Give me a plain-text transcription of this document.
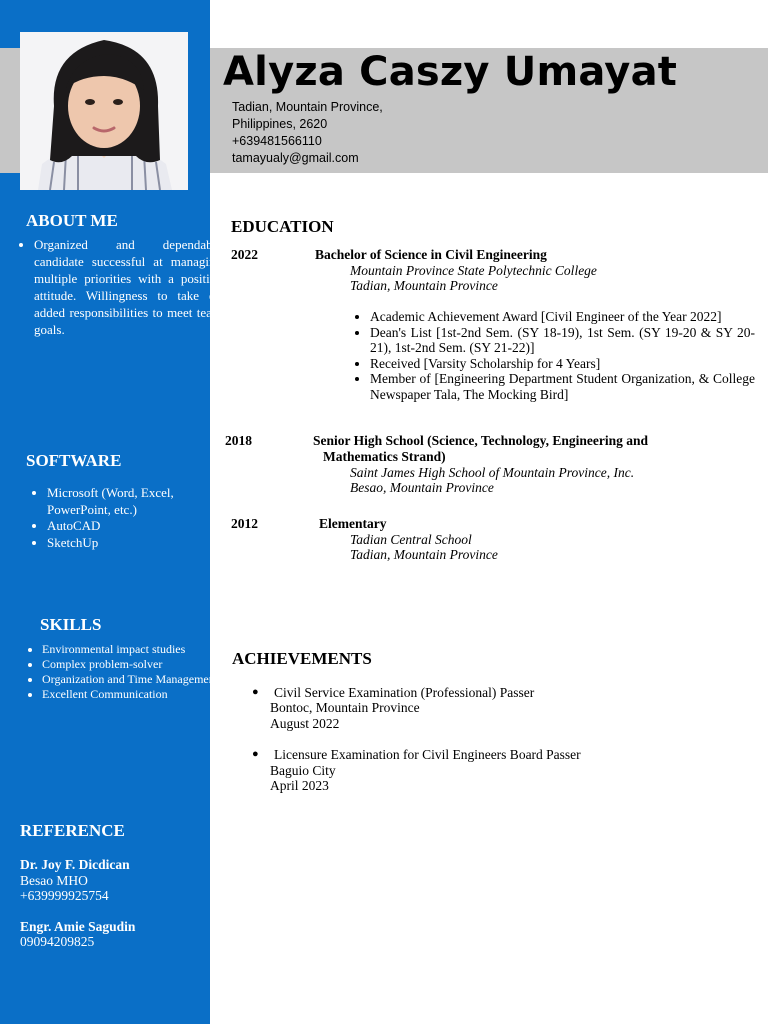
Alyza Caszy Umayat
Tadian, Mountain Province,
Philippines, 2620
+639481566110
tamayualy@gmail.com
ABOUT ME
• Organized and dependable candidate successful at managing multiple priorities with a positive attitude. Willingness to take on added responsibilities to meet team goals.
SOFTWARE
• Microsoft (Word, Excel, PowerPoint, etc.)
• AutoCAD
• SketchUp
SKILLS
• Environmental impact studies
• Complex problem-solver
• Organization and Time Management
• Excellent Communication
REFERENCE
Dr. Joy F. Dicdican
Besao MHO
+639999925754
Engr. Amie Sagudin
09094209825
EDUCATION
2022	Bachelor of Science in Civil Engineering
Mountain Province State Polytechnic College
Tadian, Mountain Province
• Academic Achievement Award [Civil Engineer of the Year 2022]
• Dean's List [1st-2nd Sem. (SY 18-19), 1st Sem. (SY 19-20 & SY 20-21), 1st-2nd Sem. (SY 21-22)]
• Received [Varsity Scholarship for 4 Years]
• Member of [Engineering Department Student Organization, & College Newspaper Tala, The Mocking Bird]
2018	Senior High School (Science, Technology, Engineering and
Mathematics Strand)
Saint James High School of Mountain Province, Inc.
Besao, Mountain Province
2012	Elementary
Tadian Central School
Tadian, Mountain Province
ACHIEVEMENTS
● Civil Service Examination (Professional) Passer
Bontoc, Mountain Province
August 2022
● Licensure Examination for Civil Engineers Board Passer
Baguio City
April 2023
